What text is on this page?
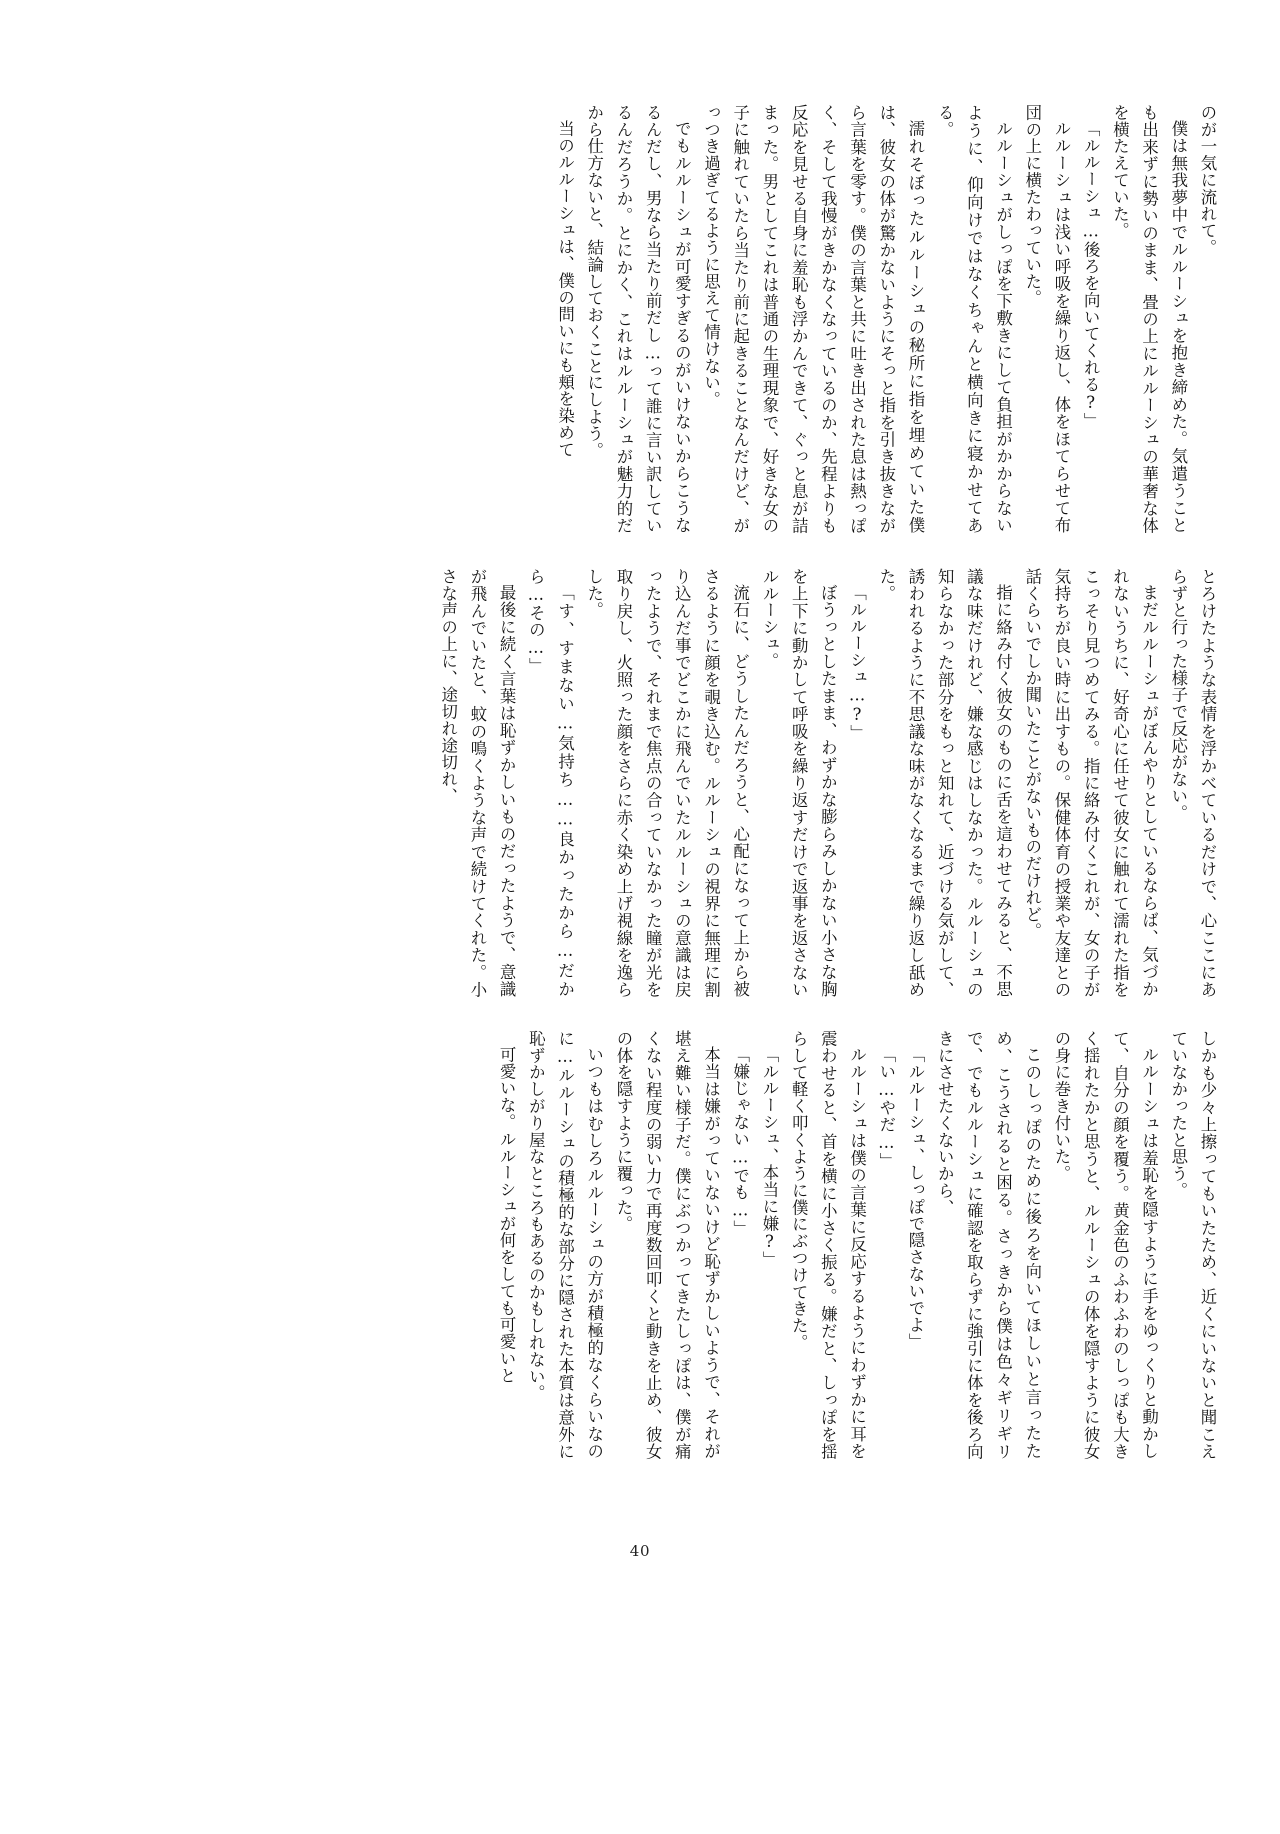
のが一気に流れて。

僕は無我夢中でルルーシュを抱き締めた。気遣うことも出来ずに勢いのまま、畳の上にルルーシュの華奢な体を横たえていた。

「ルルーシュ…後ろを向いてくれる?」

ルルーシュは浅い呼吸を繰り返し、体をほてらせて布団の上に横たわっていた。

ルルーシュがしっぽを下敷きにして負担がかからないように、仰向けではなくちゃんと横向きに寝かせてある。

濡れそぼったルルーシュの秘所に指を埋めていた僕は、彼女の体が驚かないようにそっと指を引き抜きながら言葉を零す。僕の言葉と共に吐き出された息は熱っぽく、そして我慢がきかなくなっているのか、先程よりも反応を見せる自身に羞恥も浮かんできて、ぐっと息が詰まった。男としてこれは普通の生理現象で、好きな女の子に触れていたら当たり前に起きることなんだけど、がっつき過ぎてるように思えて情けない。

でもルルーシュが可愛すぎるのがいけないからこうなるんだし、男なら当たり前だし…って誰に言い訳しているんだろうか。とにかく、これはルルーシュが魅力的だから仕方ないと、結論しておくことにしよう。

当のルルーシュは、僕の問いにも頬を染めて

とろけたような表情を浮かべているだけで、心ここにあらずと行った様子で反応がない。

まだルルーシュがぼんやりとしているならば、気づかれないうちに、好奇心に任せて彼女に触れて濡れた指をこっそり見つめてみる。指に絡み付くこれが、女の子が気持ちが良い時に出すもの。保健体育の授業や友達との話くらいでしか聞いたことがないものだけれど。

指に絡み付く彼女のものに舌を這わせてみると、不思議な味だけれど、嫌な感じはしなかった。ルルーシュの知らなかった部分をもっと知れて、近づける気がして、誘われるように不思議な味がなくなるまで繰り返し舐めた。

「ルルーシュ…?」

ぼうっとしたまま、わずかな膨らみしかない小さな胸を上下に動かして呼吸を繰り返すだけで返事を返さないルルーシュ。

流石に、どうしたんだろうと、心配になって上から被さるように顔を覗き込む。ルルーシュの視界に無理に割り込んだ事でどこかに飛んでいたルルーシュの意識は戻ったようで、それまで焦点の合っていなかった瞳が光を取り戻し、火照った顔をさらに赤く染め上げ視線を逸らした。

「す、すまない…気持ち……良かったから…だから…その…」

最後に続く言葉は恥ずかしいものだったようで、意識が飛んでいたと、蚊の鳴くような声で続けてくれた。小さな声の上に、途切れ途切れ、

しかも少々上擦ってもいたため、近くにいないと聞こえていなかったと思う。

ルルーシュは羞恥を隠すように手をゆっくりと動かして、自分の顔を覆う。黄金色のふわふわのしっぽも大きく揺れたかと思うと、ルルーシュの体を隠すように彼女の身に巻き付いた。

このしっぽのために後ろを向いてほしいと言ったため、こうされると困る。さっきから僕は色々ギリギリで、でもルルーシュに確認を取らずに強引に体を後ろ向きにさせたくないから、

「ルルーシュ、しっぽで隠さないでよ」

「い…やだ…」

ルルーシュは僕の言葉に反応するようにわずかに耳を震わせると、首を横に小さく振る。嫌だと、しっぽを揺らして軽く叩くように僕にぶつけてきた。

「ルルーシュ、本当に嫌?」

「嫌じゃない…でも…」

本当は嫌がっていないけど恥ずかしいようで、それが堪え難い様子だ。僕にぶつかってきたしっぽは、僕が痛くない程度の弱い力で再度数回叩くと動きを止め、彼女の体を隠すように覆った。

いつもはむしろルルーシュの方が積極的なくらいなのに…ルルーシュの積極的な部分に隠された本質は意外に恥ずかしがり屋なところもあるのかもしれない。

可愛いな。ルルーシュが何をしても可愛いと

40
